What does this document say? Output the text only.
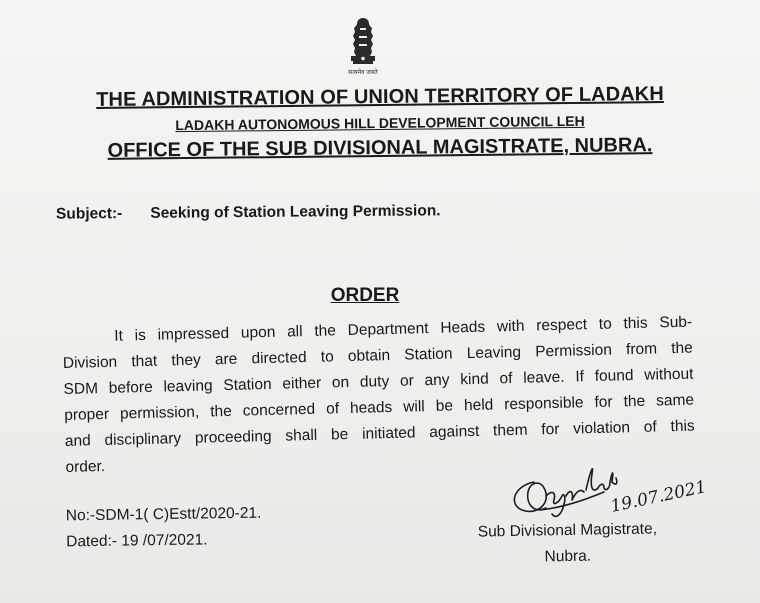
सत्यमेव जयते
THE ADMINISTRATION OF UNION TERRITORY OF LADAKH
LADAKH AUTONOMOUS HILL DEVELOPMENT COUNCIL LEH
OFFICE OF THE SUB DIVISIONAL MAGISTRATE, NUBRA.
Subject:- Seeking of Station Leaving Permission.
ORDER
It is impressed upon all the Department Heads with respect to this Sub-
Division that they are directed to obtain Station Leaving Permission from the
SDM before leaving Station either on duty or any kind of leave. If found without
proper permission, the concerned of heads will be held responsible for the same
and disciplinary proceeding shall be initiated against them for violation of this
order.
No:-SDM-1( C)Estt/2020-21.
Dated:- 19 /07/2021.
19.07.2021
Sub Divisional Magistrate,
Nubra.
